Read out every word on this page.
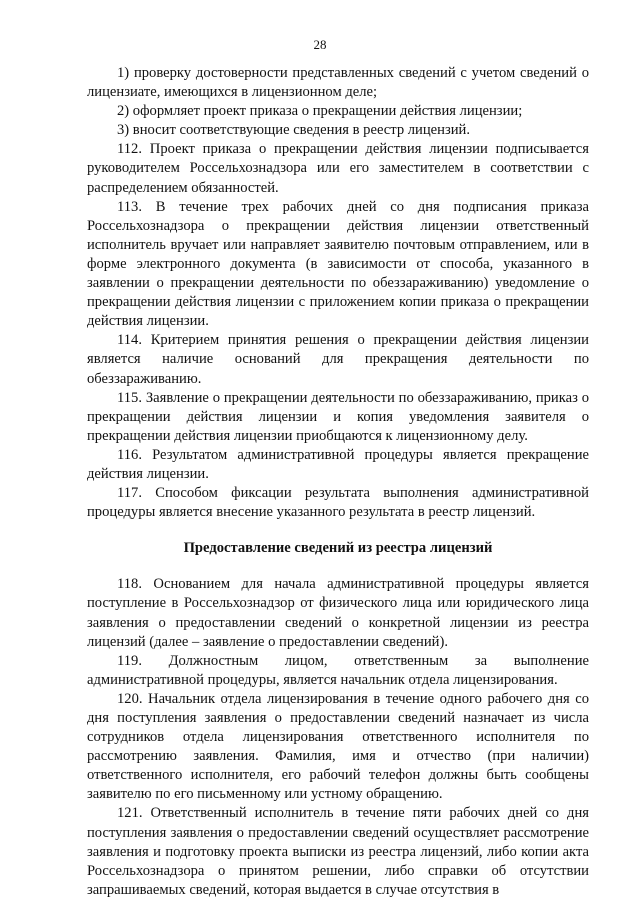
28

1) проверку достоверности представленных сведений с учетом сведений о лицензиате, имеющихся в лицензионном деле;

2) оформляет проект приказа о прекращении действия лицензии;

3) вносит соответствующие сведения в реестр лицензий.

112. Проект приказа о прекращении действия лицензии подписывается руководителем Россельхознадзора или его заместителем в соответствии с распределением обязанностей.

113. В течение трех рабочих дней со дня подписания приказа Россельхознадзора о прекращении действия лицензии ответственный исполнитель вручает или направляет заявителю почтовым отправлением, или в форме электронного документа (в зависимости от способа, указанного в заявлении о прекращении деятельности по обеззараживанию) уведомление о прекращении действия лицензии с приложением копии приказа о прекращении действия лицензии.

114. Критерием принятия решения о прекращении действия лицензии является наличие оснований для прекращения деятельности по обеззараживанию.

115. Заявление о прекращении деятельности по обеззараживанию, приказ о прекращении действия лицензии и копия уведомления заявителя о прекращении действия лицензии приобщаются к лицензионному делу.

116. Результатом административной процедуры является прекращение действия лицензии.

117. Способом фиксации результата выполнения административной процедуры является внесение указанного результата в реестр лицензий.

Предоставление сведений из реестра лицензий

118. Основанием для начала административной процедуры является поступление в Россельхознадзор от физического лица или юридического лица заявления о предоставлении сведений о конкретной лицензии из реестра лицензий (далее – заявление о предоставлении сведений).

119. Должностным лицом, ответственным за выполнение административной процедуры, является начальник отдела лицензирования.

120. Начальник отдела лицензирования в течение одного рабочего дня со дня поступления заявления о предоставлении сведений назначает из числа сотрудников отдела лицензирования ответственного исполнителя по рассмотрению заявления. Фамилия, имя и отчество (при наличии) ответственного исполнителя, его рабочий телефон должны быть сообщены заявителю по его письменному или устному обращению.

121. Ответственный исполнитель в течение пяти рабочих дней со дня поступления заявления о предоставлении сведений осуществляет рассмотрение заявления и подготовку проекта выписки из реестра лицензий, либо копии акта Россельхознадзора о принятом решении, либо справки об отсутствии запрашиваемых сведений, которая выдается в случае отсутствия в
